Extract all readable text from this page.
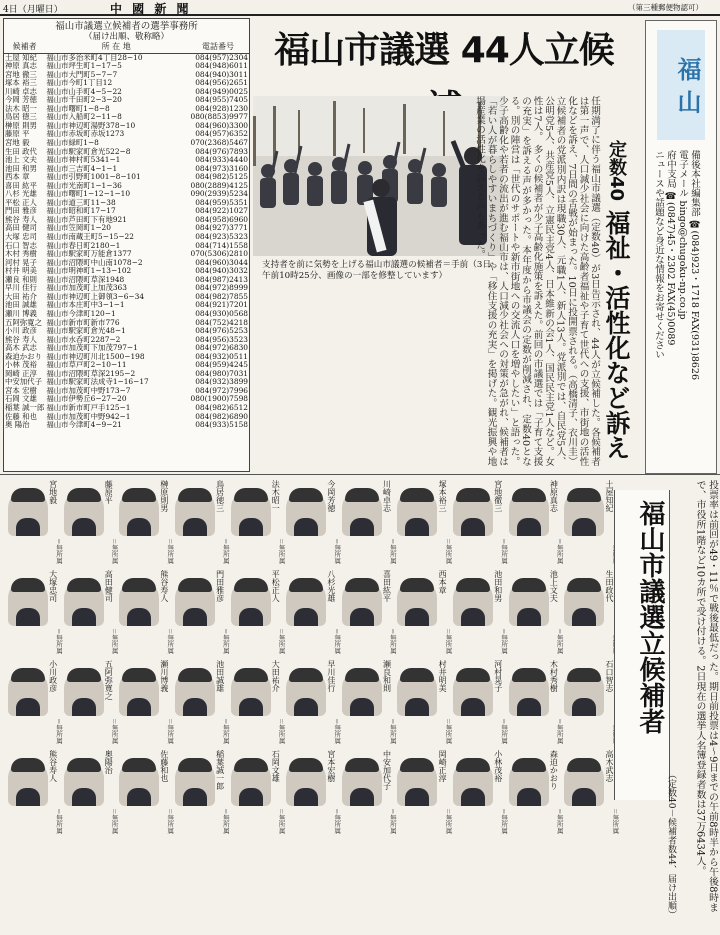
4日（月曜日）	中 國 新 聞	（第三種郵便物認可）
福山市議選立候補者の選挙事務所
（届け出順、敬称略）
候補者	所 在 地	電話番号
土屋 知紀	福山市多治米町4丁目28−10	084(957)2304
神原 真志	福山市坪生町1−17−5	084(948)6011
宮地 徹三	福山市大門町5−7−7	084(940)3011
塚本 裕三	福山市今町1丁目12	084(956)2651
川崎 卓志	福山市山手町4−5−22	084(949)0025
今岡 芳徳	福山市千田町2−3−20	084(955)7405
法木 昭一	福山市曙町1−8−8	084(928)1230
鳥居 徳三	福山市入船町2−11−8	080(8853)9977
榊原 則男	福山市神辺町湯野378−10	084(960)3300
藤原 平	福山市赤坂町赤坂1273	084(957)6352
宮地 毅	福山市緑町1−8	070(2368)5467
生田 政代	福山市駅家町倉光522−8	084(976)7893
池上 文夫	福山市神村町5341−1	084(933)4440
池田 和男	福山市三吉町4−1−1	084(973)3160
西本 章	福山市引野町1001−8−101	084(982)5125
喜田 紘平	福山市光南町1−1−36	080(2889)4125
八杉 光雄	福山市曙町1−12−1−10	090(2939)5234
平松 正人	福山市道三町11−38	084(959)5351
門田 雅彦	福山市昭和町17−17	084(922)1027
熊谷 寿人	福山市芦田町下有地921	084(958)6960
高田 健司	福山市笠岡町1−20	084(927)3771
大塚 忠司	福山市南蔵王町5−15−22	084(923)5323
石口 智志	福山市春日町2180−1	084(714)1558
木村 秀樹	福山市駅家町万能倉1377	070(5306)2810
河村 晃子	福山市沼隈町中山南1078−2	084(960)3044
村井 明美	福山市明神町1−13−102	084(940)3032
瀬良 和則	福山市沼隈町草深1948	084(987)2413
早川 佳行	福山市加茂町上加茂363	084(972)8999
大田 祐介	福山市神辺町上御領3−6−34	084(982)7855
池田 誠雄	福山市本庄町中3−1−1	084(921)7201
瀬川 博義	福山市今津町120−1	084(930)0568
五阿弥寛之	福山市新市町新市776	084(752)4218
小川 政彦	福山市駅家町倉光48−1	084(976)5253
熊谷 寿人	福山市水呑町2287−2	084(956)3523
高木 武志	福山市加茂町下加茂797−1	084(972)6830
森迫かおり	福山市神辺町川北1500−198	084(932)0511
小林 茂裕	福山市草戸町2−10−11	084(959)4245
岡崎 正淳	福山市沼隈町草深2195−2	084(980)7031
中安加代子	福山市駅家町法成寺1−16−17	084(932)3899
宮本 宏樹	福山市加茂町中野173−7	084(972)7996
石岡 文雄	福山市伊勢丘6−27−20	080(1900)7598
稲葉 誠一郎	福山市新市町戸手125−1	084(982)6512
佐藤 和也	福山市加茂町中野942−1	084(982)6890
奥 陽治	福山市今津町4−9−21	084(933)5158
福山市議選 44人立候
支持者を前に気勢を上げる福山市議選の候補者＝手前（3日午前10時25分、画像の一部を修整しています）	任期満了に伴う福山市議選（定数40）が3日告示され、44人が立候補した。各候補者は第一声で、人口減少社会に向けた高齢者福祉や子育て世代への支援、市街地の活性化などを訴え、7日間の舌戦が始まった。10日に投開票される。（高橋清子、衣川圭） 立候補者の党派別内訳は現職30人、元職1人、新人13人。党派別では、自民党5人、公明党5人、共産党5人、立憲民主党4人、日本維新の会1人、国民民主党1人など。女性は7人。 多くの候補者が少子高齢化施策を訴えた。前回の市議選では「子育て支援の充実」を訴える声が多かった。本年度から市議会の定数が削減され、定数40となる。別の陣営は「世代のサポートや新市街地への交流人口を増やしたい」と語った。 少子高齢化や若者の流出が進む福山市は、人口減少社会への対策が急がれ、候補者は「若い人が暮らしやすいまちづくり」や「移住支援の充実」を掲げた。観光振興や地場産業の活性化を訴える声もあった。	定数40 福祉・活性化など訴え
福 山
備後本社編集部 ☎(084)923・1718 FAX(931)8626
電子メール bingo@chugoku-np.co.jp
府中支局 ☎(0847)45・2302 FAX(45)0089
ニュースや話題など身近な情報をお寄せください
宮地毅
＝無所属
藤原平
＝無所属
榊原則男
＝無所属
鳥居徳三
＝無所属
法木昭一
＝無所属
今岡芳徳
＝無所属
川崎卓志
＝無所属
塚本裕三
＝無所属
宮地徹三
＝無所属
神原真志
＝無所属
土屋知紀
大塚忠司
＝無所属
高田健司
＝無所属
熊谷寿人
＝無所属
門田雅彦
＝無所属
平松正人
＝無所属
八杉光雄
＝無所属
喜田紘平
＝無所属
西本章
＝無所属
池田和男
＝無所属
池上文夫
＝無所属
生田政代
小川政彦
＝無所属
五阿弥寛之
＝無所属
瀬川博義
＝無所属
池田誠雄
＝無所属
大田祐介
＝無所属
早川佳行
＝無所属
瀬良和則
＝無所属
村井明美
＝無所属
河村晃子
＝無所属
木村秀樹
＝無所属
石口智志
熊谷寿人
＝無所属
奥陽治
＝無所属
佐藤和也
＝無所属
稲葉誠一郎
＝無所属
石岡文雄
＝無所属
宮本宏樹
＝無所属
中安加代子
＝無所属
岡崎正淳
＝無所属
小林茂裕
＝無所属
森迫かおり
＝無所属
高木武志
＝無所属
福山市議選立候補者
（定数40－候補者数44、届け出順）	投票率は前回が49・11％で戦後最低だった。期日前投票は4〜9日までの午前8時半から午後8時まで、市役所1階など10カ所で受け付ける。2日現在の選挙人名簿登録者数は37万6434人。
